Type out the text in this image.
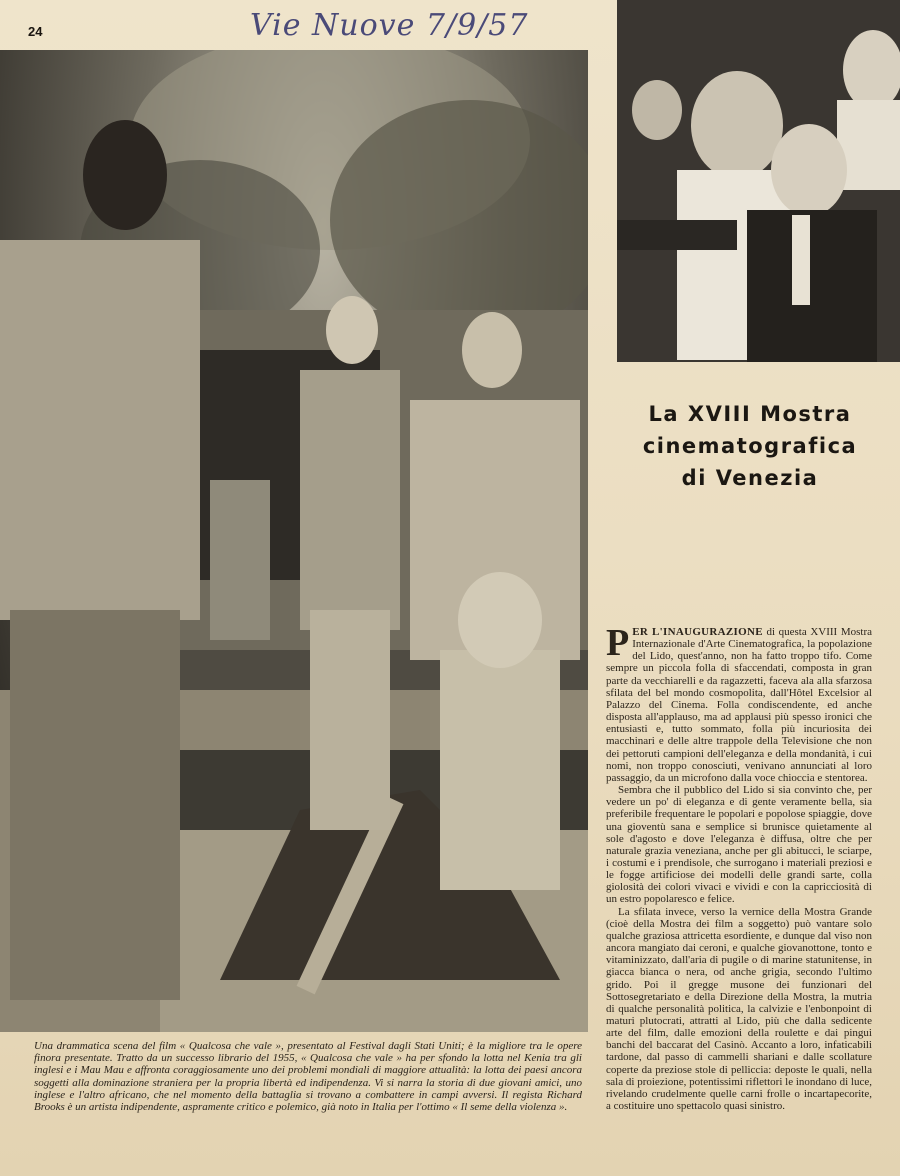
24	Vie Nuove 7/9/57
La XVIII Mostra
cinematografica
di Venezia

PER L'INAUGURAZIONE di questa XVIII Mostra Internazionale d'Arte Cinematografica, la popolazione del Lido, quest'anno, non ha fatto troppo tifo. Come sempre un piccola folla di sfaccendati, composta in gran parte da vecchiarelli e da ragazzetti, faceva ala alla sfarzosa sfilata del bel mondo cosmopolita, dall'Hôtel Excelsior al Palazzo del Cinema. Folla condiscendente, ed anche disposta all'applauso, ma ad applausi più spesso ironici che entusiasti e, tutto sommato, folla più incuriosita dei macchinari e delle altre trappole della Televisione che non dei pettoruti campioni dell'eleganza e della mondanità, i cui nomi, non troppo conosciuti, venivano annunciati al loro passaggio, da un microfono dalla voce chioccia e stentorea.

Sembra che il pubblico del Lido si sia convinto che, per vedere un po' di eleganza e di gente veramente bella, sia preferibile frequentare le popolari e popolose spiaggie, dove una gioventù sana e semplice si brunisce quietamente al sole d'agosto e dove l'eleganza è diffusa, oltre che per naturale grazia veneziana, anche per gli abitucci, le sciarpe, i costumi e i prendisole, che surrogano i materiali preziosi e le fogge artificiose dei modelli delle grandi sarte, colla giolosità dei colori vivaci e vividi e con la capricciosità di un estro popolaresco e felice.

La sfilata invece, verso la vernice della Mostra Grande (cioè della Mostra dei film a soggetto) può vantare solo qualche graziosa attricetta esordiente, e dunque dal viso non ancora mangiato dai ceroni, e qualche giovanottone, tonto e vitaminizzato, dall'aria di pugile o di marine statunitense, in giacca bianca o nera, od anche grigia, secondo l'ultimo grido. Poi il gregge musone dei funzionari del Sottosegretariato e della Direzione della Mostra, la mutria di qualche personalità politica, la calvizie e l'enbonpoint di maturi plutocrati, attratti al Lido, più che dalla sedicente arte del film, dalle emozioni della roulette e dai pingui banchi del baccarat del Casinò. Accanto a loro, infaticabili tardone, dal passo di cammelli shariani e dalle scollature coperte da preziose stole di pelliccia: deposte le quali, nella sala di proiezione, potentissimi riflettori le inondano di luce, rivelando crudelmente quelle carni frolle o incartapecorite, a costituire uno spettacolo quasi sinistro.

Una drammatica scena del film « Qualcosa che vale », presentato al Festival dagli Stati Uniti; è la migliore tra le opere finora presentate. Tratto da un successo librario del 1955, « Qualcosa che vale » ha per sfondo la lotta nel Kenia tra gli inglesi e i Mau Mau e affronta coraggiosamente uno dei problemi mondiali di maggiore attualità: la lotta dei paesi ancora soggetti alla dominazione straniera per la propria libertà ed indipendenza. Vi si narra la storia di due giovani amici, uno inglese e l'altro africano, che nel momento della battaglia si trovano a combattere in campi avversi. Il regista Richard Brooks è un artista indipendente, aspramente critico e polemico, già noto in Italia per l'ottimo « Il seme della violenza ».
